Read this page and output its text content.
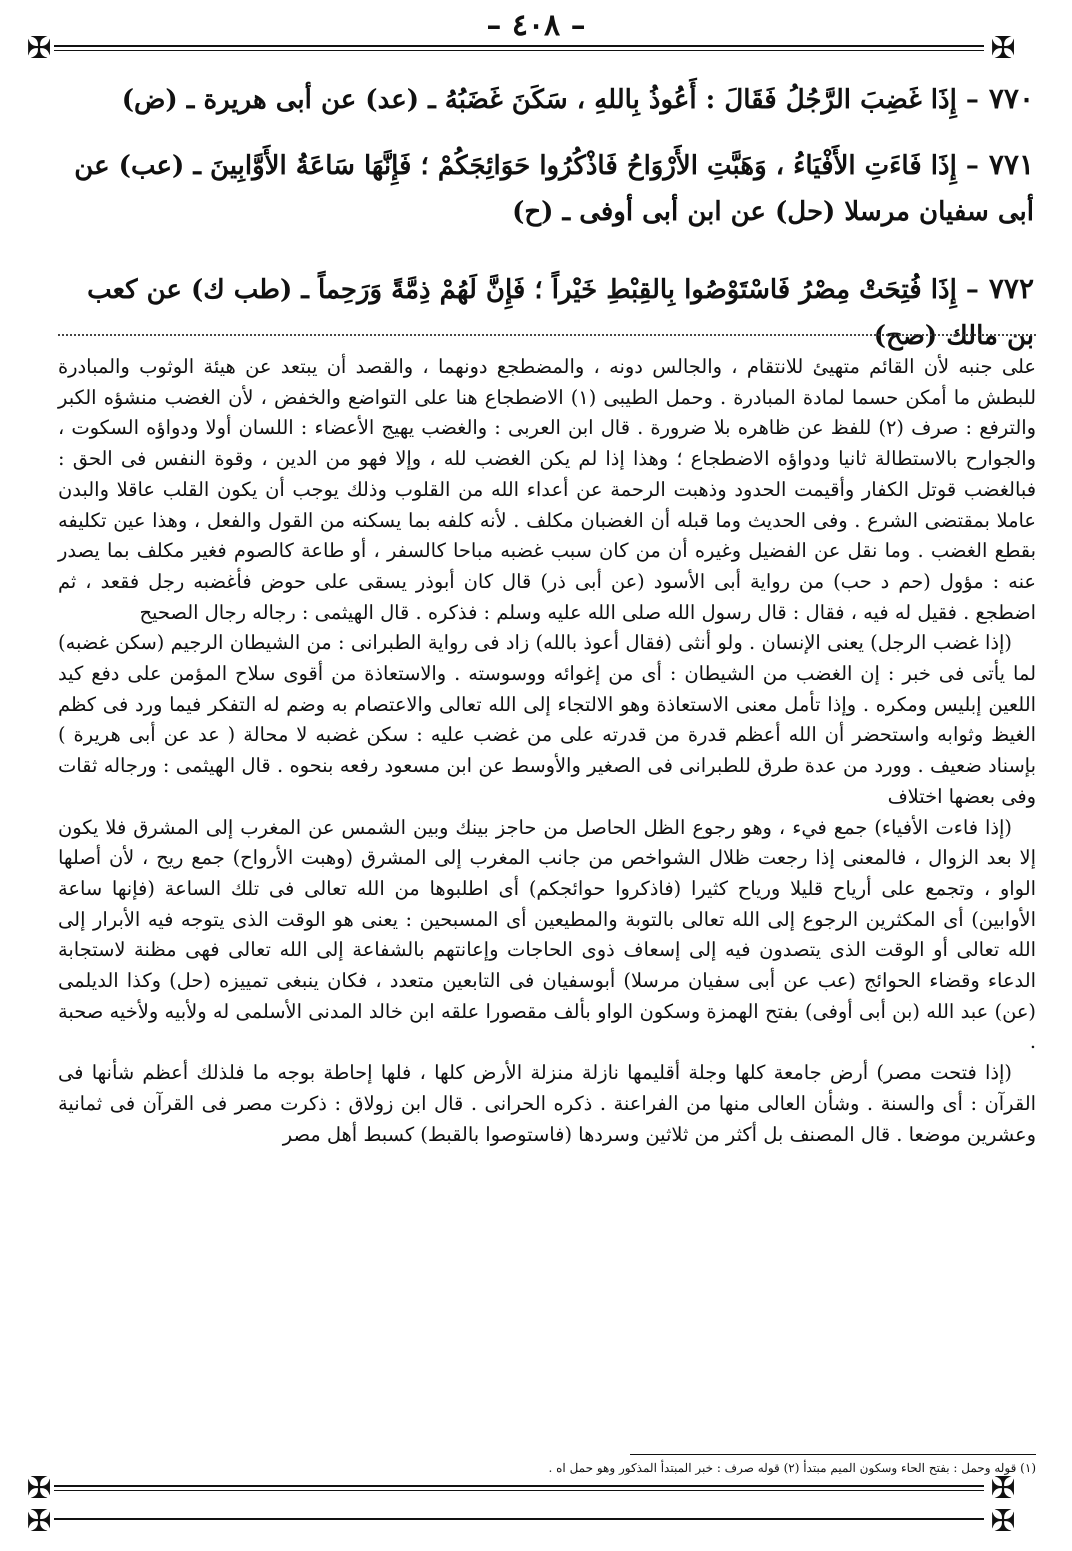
✠	✠
– ٤٠٨ –
٧٧٠– إِذَا غَضِبَ الرَّجُلُ فَقَالَ : أَعُوذُ بِاللهِ ، سَكَنَ غَضَبُهُ ـ (عد) عن أبى هريرة ـ (ض)
٧٧١– إِذَا فَاءَتِ الأَفْيَاءُ ، وَهَبَّتِ الأَرْوَاحُ فَاذْكُرُوا حَوَائِجَكُمْ ؛ فَإِنَّهَا سَاعَةُ الأَوَّابِينَ ـ (عب) عن أبى سفيان مرسلا (حل) عن ابن أبى أوفى ـ (ح)
٧٧٢– إِذَا فُتِحَتْ مِصْرُ فَاسْتَوْصُوا بِالقِبْطِ خَيْراً ؛ فَإِنَّ لَهُمْ ذِمَّةً وَرَحِماً ـ (طب ك) عن كعب بن مالك (صح)

على جنبه لأن القائم متهيئ للانتقام ، والجالس دونه ، والمضطجع دونهما ، والقصد أن يبتعد عن هيئة الوثوب والمبادرة للبطش ما أمكن حسما لمادة المبادرة . وحمل الطيبى (١) الاضطجاع هنا على التواضع والخفض ، لأن الغضب منشؤه الكبر والترفع : صرف (٢) للفظ عن ظاهره بلا ضرورة . قال ابن العربى : والغضب يهيج الأعضاء : اللسان أولا ودواؤه السكوت ، والجوارح بالاستطالة ثانيا ودواؤه الاضطجاع ؛ وهذا إذا لم يكن الغضب لله ، وإلا فهو من الدين ، وقوة النفس فى الحق : فبالغضب قوتل الكفار وأقيمت الحدود وذهبت الرحمة عن أعداء الله من القلوب وذلك يوجب أن يكون القلب عاقلا والبدن عاملا بمقتضى الشرع . وفى الحديث وما قبله أن الغضبان مكلف . لأنه كلفه بما يسكنه من القول والفعل ، وهذا عين تكليفه بقطع الغضب . وما نقل عن الفضيل وغيره أن من كان سبب غضبه مباحا كالسفر ، أو طاعة كالصوم فغير مكلف بما يصدر عنه : مؤول (حم د حب) من رواية أبى الأسود (عن أبى ذر) قال كان أبوذر يسقى على حوض فأغضبه رجل فقعد ، ثم اضطجع . فقيل له فيه ، فقال : قال رسول الله صلى الله عليه وسلم : فذكره . قال الهيثمى : رجاله رجال الصحيح

(إذا غضب الرجل) يعنى الإنسان . ولو أنثى (فقال أعوذ بالله) زاد فى رواية الطبرانى : من الشيطان الرجيم (سكن غضبه) لما يأتى فى خبر : إن الغضب من الشيطان : أى من إغوائه ووسوسته . والاستعاذة من أقوى سلاح المؤمن على دفع كيد اللعين إبليس ومكره . وإذا تأمل معنى الاستعاذة وهو الالتجاء إلى الله تعالى والاعتصام به وضم له التفكر فيما ورد فى كظم الغيظ وثوابه واستحضر أن الله أعظم قدرة من قدرته على من غضب عليه : سكن غضبه لا محالة ( عد عن أبى هريرة ) بإسناد ضعيف . وورد من عدة طرق للطبرانى فى الصغير والأوسط عن ابن مسعود رفعه بنحوه . قال الهيثمى : ورجاله ثقات وفى بعضها اختلاف

(إذا فاءت الأفياء) جمع فيء ، وهو رجوع الظل الحاصل من حاجز بينك وبين الشمس عن المغرب إلى المشرق فلا يكون إلا بعد الزوال ، فالمعنى إذا رجعت ظلال الشواخص من جانب المغرب إلى المشرق (وهبت الأرواح) جمع ريح ، لأن أصلها الواو ، وتجمع على أرياح قليلا ورياح كثيرا (فاذكروا حوائجكم) أى اطلبوها من الله تعالى فى تلك الساعة (فإنها ساعة الأوابين) أى المكثرين الرجوع إلى الله تعالى بالتوبة والمطيعين أى المسبحين : يعنى هو الوقت الذى يتوجه فيه الأبرار إلى الله تعالى أو الوقت الذى يتصدون فيه إلى إسعاف ذوى الحاجات وإعانتهم بالشفاعة إلى الله تعالى فهى مظنة لاستجابة الدعاء وقضاء الحوائج (عب عن أبى سفيان مرسلا) أبوسفيان فى التابعين متعدد ، فكان ينبغى تمييزه (حل) وكذا الديلمى (عن) عبد الله (بن أبى أوفى) بفتح الهمزة وسكون الواو بألف مقصورا علقه ابن خالد المدنى الأسلمى له ولأبيه ولأخيه صحبة .

(إذا فتحت مصر) أرض جامعة كلها وجلة أقليمها نازلة منزلة الأرض كلها ، فلها إحاطة بوجه ما فلذلك أعظم شأنها فى القرآن : أى والسنة . وشأن العالى منها من الفراعنة . ذكره الحرانى . قال ابن زولاق : ذكرت مصر فى القرآن فى ثمانية وعشرين موضعا . قال المصنف بل أكثر من ثلاثين وسردها (فاستوصوا بالقبط) كسبط أهل مصر

(١) قوله وحمل : بفتح الحاء وسكون الميم مبتدأ (٢) قوله صرف : خبر المبتدأ المذكور وهو حمل اه .
✠	✠
✠	✠
